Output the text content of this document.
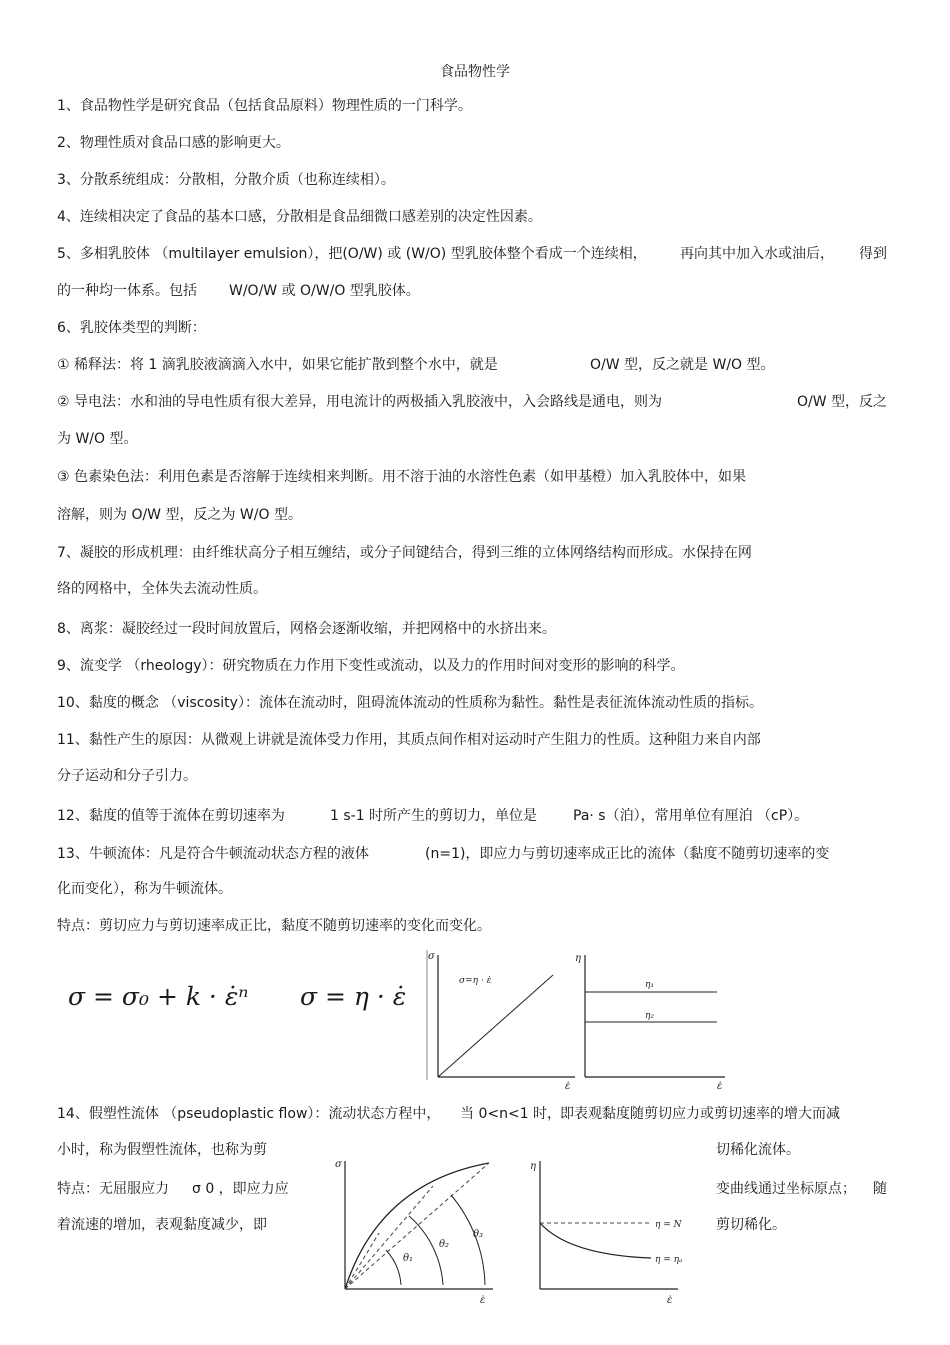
食品物性学
1、食品物性学是研究食品（包括食品原料）物理性质的一门科学。
2、物理性质对食品口感的影响更大。
3、分散系统组成：分散相，分散介质（也称连续相）。
4、连续相决定了食品的基本口感，分散相是食品细微口感差别的决定性因素。
5、多相乳胶体 （multilayer emulsion），把(O/W) 或 (W/O) 型乳胶体整个看成一个连续相， 再向其中加入水或油后， 得到
的一种均一体系。包括 W/O/W 或 O/W/O 型乳胶体。
6、乳胶体类型的判断：
① 稀释法：将 1 滴乳胶液滴滴入水中，如果它能扩散到整个水中，就是	O/W 型，反之就是 W/O 型。
② 导电法：水和油的导电性质有很大差异，用电流计的两极插入乳胶液中，入会路线是通电，则为	O/W 型，反之
为 W/O 型。
③ 色素染色法：利用色素是否溶解于连续相来判断。用不溶于油的水溶性色素（如甲基橙）加入乳胶体中，如果
溶解，则为 O/W 型，反之为 W/O 型。
7、凝胶的形成机理：由纤维状高分子相互缠结，或分子间键结合，得到三维的立体网络结构而形成。水保持在网
络的网格中，全体失去流动性质。
8、离浆：凝胶经过一段时间放置后，网格会逐渐收缩，并把网格中的水挤出来。
9、流变学 （rheology）：研究物质在力作用下变性或流动，以及力的作用时间对变形的影响的科学。
10、黏度的概念 （viscosity）：流体在流动时，阻碍流体流动的性质称为黏性。黏性是表征流体流动性质的指标。
11、黏性产生的原因：从微观上讲就是流体受力作用，其质点间作相对运动时产生阻力的性质。这种阻力来自内部
分子运动和分子引力。
12、黏度的值等于流体在剪切速率为	1 s-1 时所产生的剪切力，单位是	Pa· s（泊），常用单位有厘泊 （cP）。
13、牛顿流体：凡是符合牛顿流动状态方程的液体	(n=1)，即应力与剪切速率成正比的流体（黏度不随剪切速率的变
化而变化），称为牛顿流体。
特点：剪切应力与剪切速率成正比，黏度不随剪切速率的变化而变化。
σ = σ₀ + k · ε̇ⁿ σ = η · ε̇
σ
ε̇
σ=η · ε̇
η
ε̇
η₁
η₂
14、假塑性流体 （pseudoplastic flow）：流动状态方程中， 当 0<n<1 时，
即表观黏度随剪切应力或剪切速率的增大而减
小时，称为假塑性流体，也称为剪	切稀化流体。
特点：无屈服应力 σ 0 ，即应力应	变曲线通过坐标原点； 随
着流速的增加，表观黏度减少，即	剪切稀化。
σ
ε̇
θ₁
θ₂
θ₃
η
ε̇
η = N
η = ηₐ
